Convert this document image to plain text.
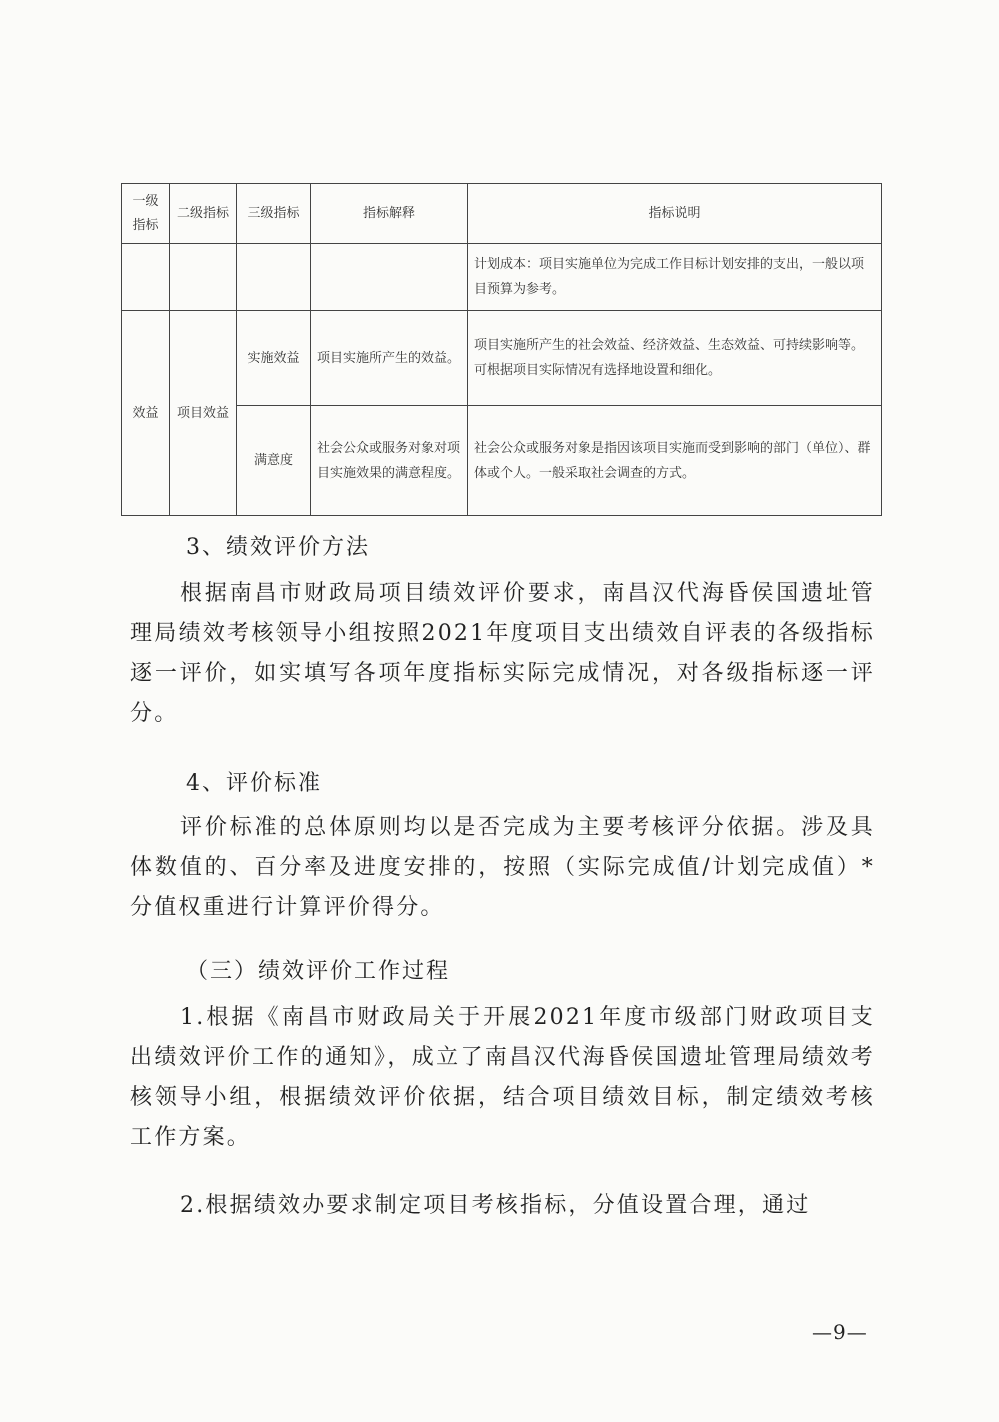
一级指标	二级指标	三级指标	指标解释	指标说明
				计划成本：项目实施单位为完成工作目标计划安排的支出，一般以项目预算为参考。
效益	项目效益	实施效益	项目实施所产生的效益。	项目实施所产生的社会效益、经济效益、生态效益、可持续影响等。可根据项目实际情况有选择地设置和细化。
		满意度	社会公众或服务对象对项目实施效果的满意程度。	社会公众或服务对象是指因该项目实施而受到影响的部门（单位）、群体或个人。一般采取社会调查的方式。

3、绩效评价方法

根据南昌市财政局项目绩效评价要求，南昌汉代海昏侯国遗址管理局绩效考核领导小组按照2021年度项目支出绩效自评表的各级指标逐一评价，如实填写各项年度指标实际完成情况，对各级指标逐一评分。

4、评价标准

评价标准的总体原则均以是否完成为主要考核评分依据。涉及具体数值的、百分率及进度安排的，按照（实际完成值/计划完成值）*分值权重进行计算评价得分。

（三）绩效评价工作过程

1.根据《南昌市财政局关于开展2021年度市级部门财政项目支出绩效评价工作的通知》，成立了南昌汉代海昏侯国遗址管理局绩效考核领导小组，根据绩效评价依据，结合项目绩效目标，制定绩效考核工作方案。

2.根据绩效办要求制定项目考核指标，分值设置合理，通过

—9—
